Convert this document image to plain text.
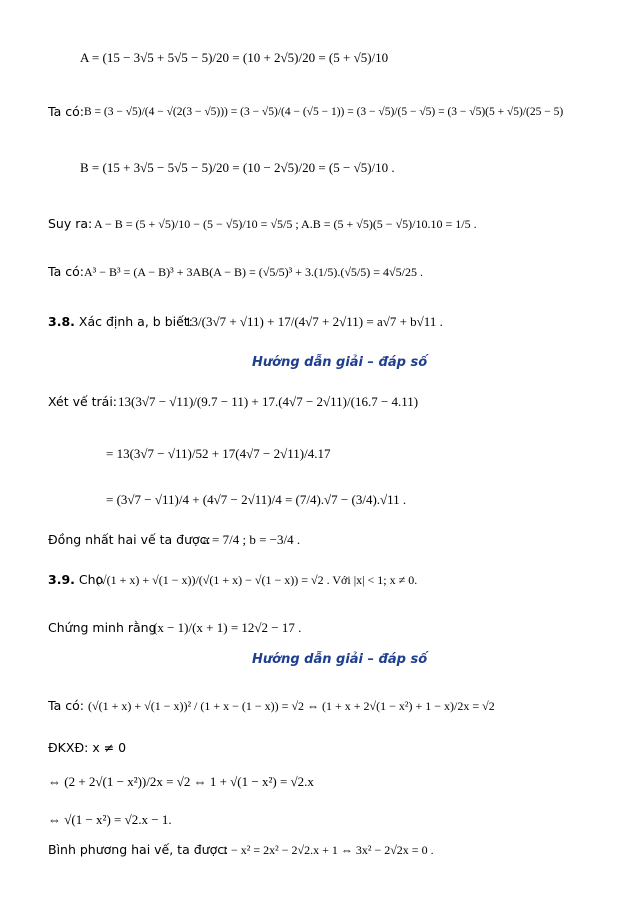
A = (15 − 3√5 + 5√5 − 5)/20 = (10 + 2√5)/20 = (5 + √5)/10
Ta có: B = (3 − √5)/(4 − √(2(3 − √5))) = (3 − √5)/(4 − (√5 − 1)) = (3 − √5)/(5 − √5) = (3 − √5)(5 + √5)/(25 − 5)
B = (15 + 3√5 − 5√5 − 5)/20 = (10 − 2√5)/20 = (5 − √5)/10 .
Suy ra: A − B = (5 + √5)/10 − (5 − √5)/10 = √5/5 ; A.B = (5 + √5)(5 − √5)/10.10 = 1/5 .
Ta có: A³ − B³ = (A − B)³ + 3AB(A − B) = (√5/5)³ + 3.(1/5).(√5/5) = 4√5/25 .
3.8. Xác định a, b biết:
13/(3√7 + √11) + 17/(4√7 + 2√11) = a√7 + b√11 .
Hướng dẫn giải – đáp số
Xét vế trái: 13(3√7 − √11)/(9.7 − 11) + 17.(4√7 − 2√11)/(16.7 − 4.11)
= 13(3√7 − √11)/52 + 17(4√7 − 2√11)/4.17
= (3√7 − √11)/4 + (4√7 − 2√11)/4 = (7/4).√7 − (3/4).√11 .
Đồng nhất hai vế ta được:
a = 7/4 ; b = −3/4 .
3.9. Cho
(√(1 + x) + √(1 − x))/(√(1 + x) − √(1 − x)) = √2 . Với |x| < 1; x ≠ 0.
Chứng minh rằng
(x − 1)/(x + 1) = 12√2 − 17 .
Hướng dẫn giải – đáp số
Ta có: (√(1 + x) + √(1 − x))² / (1 + x − (1 − x)) = √2 ⇔ (1 + x + 2√(1 − x²) + 1 − x)/2x = √2
ĐKXĐ: x ≠ 0
⇔ (2 + 2√(1 − x²))/2x = √2 ⇔ 1 + √(1 − x²) = √2.x
⇔ √(1 − x²) = √2.x − 1.
Bình phương hai vế, ta được:
1 − x² = 2x² − 2√2.x + 1 ⇔ 3x² − 2√2x = 0 .
